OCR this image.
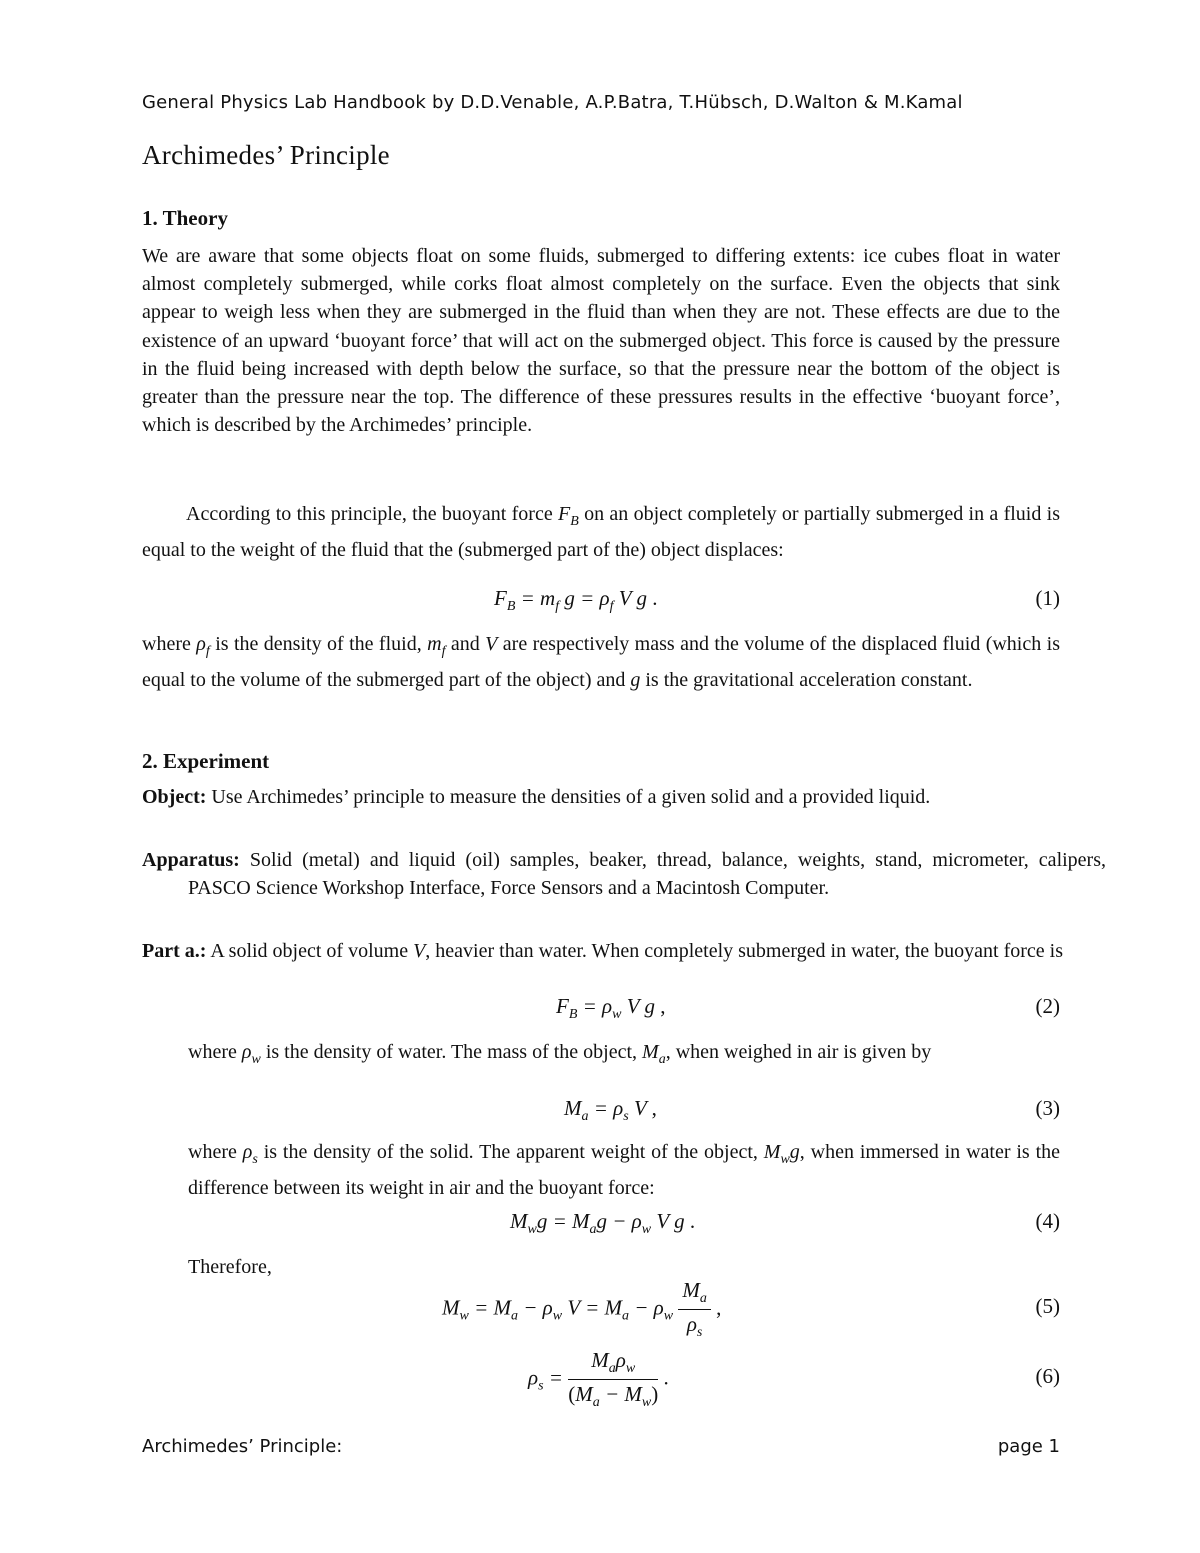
General Physics Lab Handbook by D.D.Venable, A.P.Batra, T.Hübsch, D.Walton & M.Kamal
Archimedes’ Principle
1. Theory
We are aware that some objects float on some fluids, submerged to differing extents: ice cubes float in water almost completely submerged, while corks float almost completely on the surface. Even the objects that sink appear to weigh less when they are submerged in the fluid than when they are not. These effects are due to the existence of an upward ‘buoyant force’ that will act on the submerged object. This force is caused by the pressure in the fluid being increased with depth below the surface, so that the pressure near the bottom of the object is greater than the pressure near the top. The difference of these pressures results in the effective ‘buoyant force’, which is described by the Archimedes’ principle.
According to this principle, the buoyant force $F_B$ on an object completely or partially submerged in a fluid is equal to the weight of the fluid that the (submerged part of the) object displaces:
$F_B = m_f$ $g = \rho_f$ V g .	(1)
where $\rho_f$ is the density of the fluid, $m_f$ and V are respectively mass and the volume of the displaced fluid (which is equal to the volume of the submerged part of the object) and g is the gravitational acceleration constant.
2. Experiment
Object: Use Archimedes’ principle to measure the densities of a given solid and a provided liquid.
Apparatus: Solid (metal) and liquid (oil) samples, beaker, thread, balance, weights, stand, micrometer, calipers, PASCO Science Workshop Interface, Force Sensors and a Macintosh Computer.
Part a.: A solid object of volume V, heavier than water. When completely submerged in water, the buoyant force is
$F_B = \rho_w$ V g ,	(2)
where $\rho_w$ is the density of water. The mass of the object, $M_a$, when weighed in air is given by
$M_a = \rho_s$ V ,	(3)
where $\rho_s$ is the density of the solid. The apparent weight of the object, $M_wg$, when immersed in water is the difference between its weight in air and the buoyant force:
$M_wg = M_ag - \rho_w$ V g .	(4)
Therefore,
$M_w = M_a - \rho_w$ $V = M_a - \rho_w \frac{M_a}{\rho_s}$ ,	(5)
$\rho_s = \frac{M_a\rho_w}{(M_a - M_w)}$ .	(6)
Archimedes’ Principle:	page 1
